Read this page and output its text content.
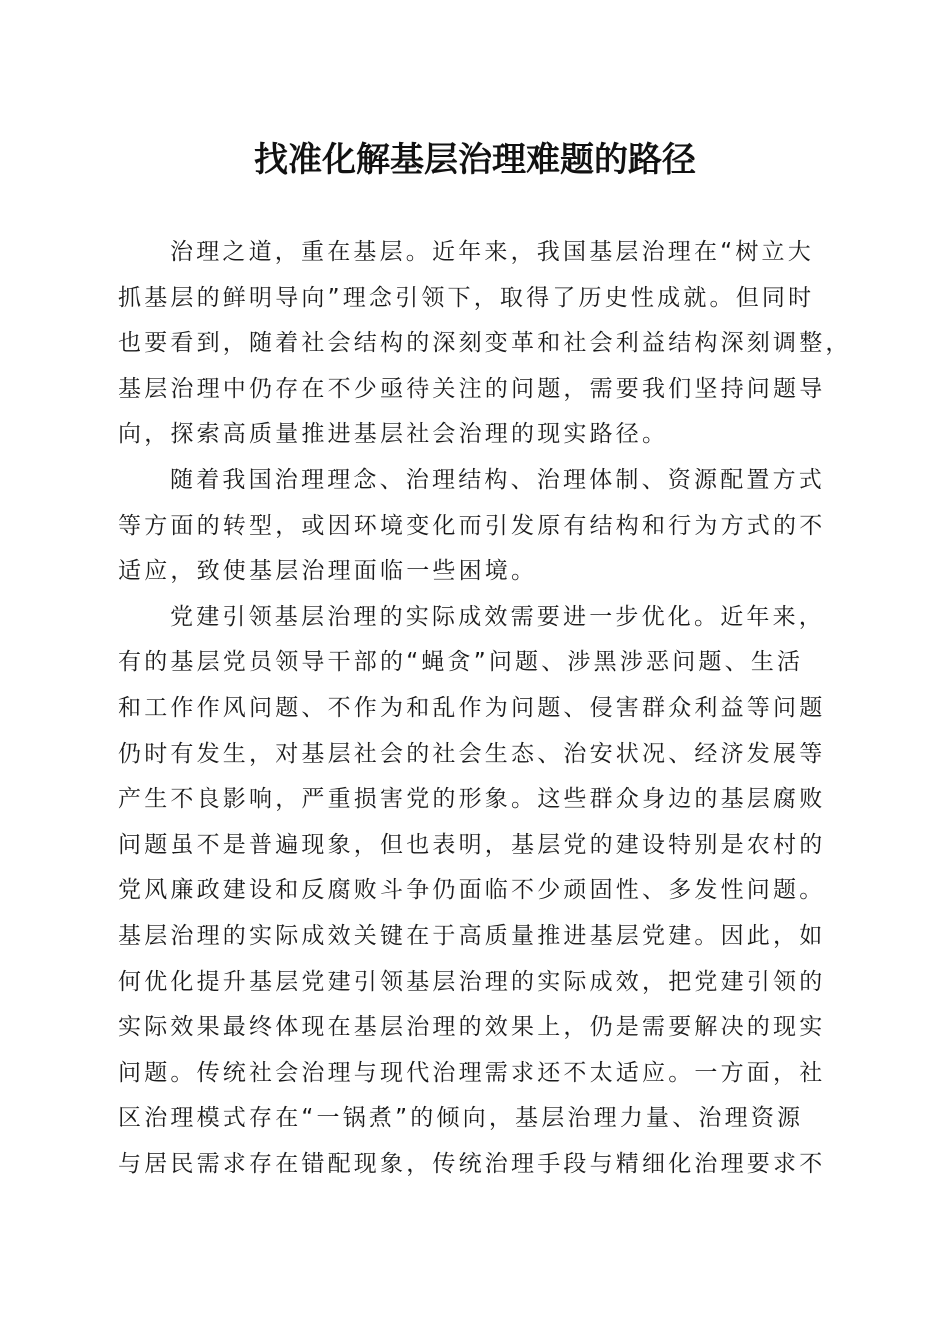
找准化解基层治理难题的路径
治理之道，重在基层。近年来，我国基层治理在“树立大
抓基层的鲜明导向”理念引领下，取得了历史性成就。但同时
也要看到，随着社会结构的深刻变革和社会利益结构深刻调整，
基层治理中仍存在不少亟待关注的问题，需要我们坚持问题导
向，探索高质量推进基层社会治理的现实路径。
随着我国治理理念、治理结构、治理体制、资源配置方式
等方面的转型，或因环境变化而引发原有结构和行为方式的不
适应，致使基层治理面临一些困境。
党建引领基层治理的实际成效需要进一步优化。近年来，
有的基层党员领导干部的“蝇贪”问题、涉黑涉恶问题、生活
和工作作风问题、不作为和乱作为问题、侵害群众利益等问题
仍时有发生，对基层社会的社会生态、治安状况、经济发展等
产生不良影响，严重损害党的形象。这些群众身边的基层腐败
问题虽不是普遍现象，但也表明，基层党的建设特别是农村的
党风廉政建设和反腐败斗争仍面临不少顽固性、多发性问题。
基层治理的实际成效关键在于高质量推进基层党建。因此，如
何优化提升基层党建引领基层治理的实际成效，把党建引领的
实际效果最终体现在基层治理的效果上，仍是需要解决的现实
问题。传统社会治理与现代治理需求还不太适应。一方面，社
区治理模式存在“一锅煮”的倾向，基层治理力量、治理资源
与居民需求存在错配现象，传统治理手段与精细化治理要求不
